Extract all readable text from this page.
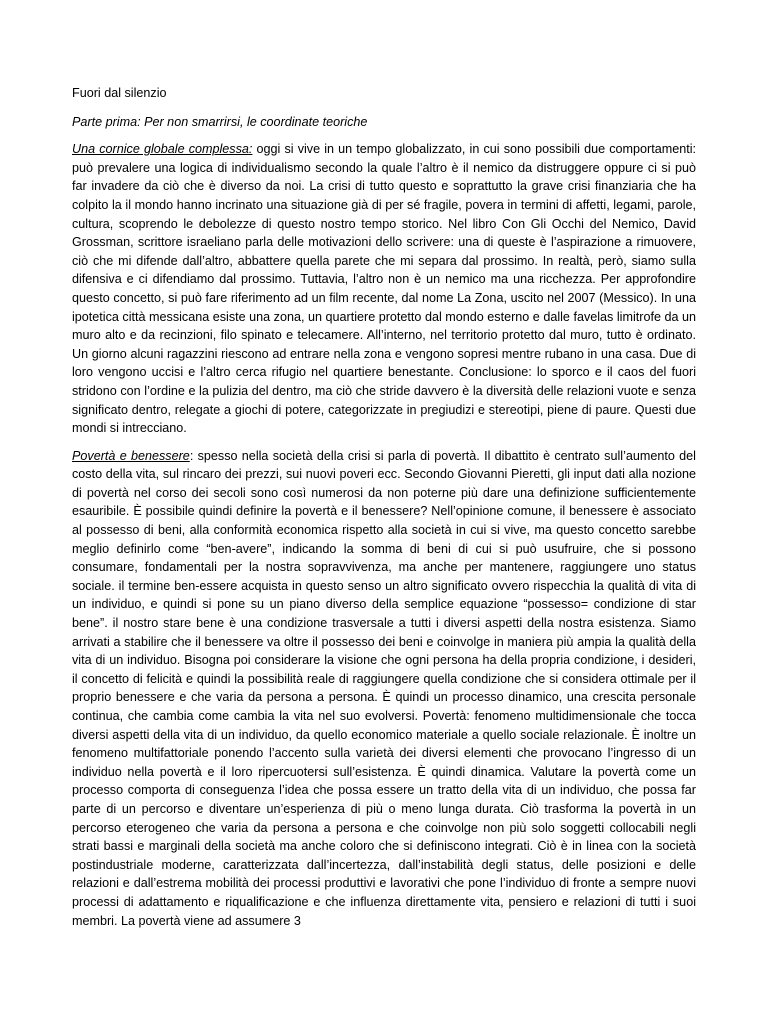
Fuori dal silenzio

Parte prima: Per non smarrirsi, le coordinate teoriche

Una cornice globale complessa: oggi si vive in un tempo globalizzato, in cui sono possibili due comportamenti: può prevalere una logica di individualismo secondo la quale l’altro è il nemico da distruggere oppure ci si può far invadere da ciò che è diverso da noi. La crisi di tutto questo e soprattutto la grave crisi finanziaria che ha colpito la il mondo hanno incrinato una situazione già di per sé fragile, povera in termini di affetti, legami, parole, cultura, scoprendo le debolezze di questo nostro tempo storico. Nel libro Con Gli Occhi del Nemico, David Grossman, scrittore israeliano parla delle motivazioni dello scrivere: una di queste è l’aspirazione a rimuovere, ciò che mi difende dall’altro, abbattere quella parete che mi separa dal prossimo. In realtà, però, siamo sulla difensiva e ci difendiamo dal prossimo. Tuttavia, l’altro non è un nemico ma una ricchezza. Per approfondire questo concetto, si può fare riferimento ad un film recente, dal nome La Zona, uscito nel 2007 (Messico). In una ipotetica città messicana esiste una zona, un quartiere protetto dal mondo esterno e dalle favelas limitrofe da un muro alto e da recinzioni, filo spinato e telecamere. All’interno, nel territorio protetto dal muro, tutto è ordinato. Un giorno alcuni ragazzini riescono ad entrare nella zona e vengono sopresi mentre rubano in una casa. Due di loro vengono uccisi e l’altro cerca rifugio nel quartiere benestante. Conclusione: lo sporco e il caos del fuori stridono con l’ordine e la pulizia del dentro, ma ciò che stride davvero è la diversità delle relazioni vuote e senza significato dentro, relegate a giochi di potere, categorizzate in pregiudizi e stereotipi, piene di paure. Questi due mondi si intrecciano.

Povertà e benessere: spesso nella società della crisi si parla di povertà. Il dibattito è centrato sull’aumento del costo della vita, sul rincaro dei prezzi, sui nuovi poveri ecc. Secondo Giovanni Pieretti, gli input dati alla nozione di povertà nel corso dei secoli sono così numerosi da non poterne più dare una definizione sufficientemente esauribile. È possibile quindi definire la povertà e il benessere? Nell’opinione comune, il benessere è associato al possesso di beni, alla conformità economica rispetto alla società in cui si vive, ma questo concetto sarebbe meglio definirlo come “ben-avere”, indicando la somma di beni di cui si può usufruire, che si possono consumare, fondamentali per la nostra sopravvivenza, ma anche per mantenere, raggiungere uno status sociale. il termine ben-essere acquista in questo senso un altro significato ovvero rispecchia la qualità di vita di un individuo, e quindi si pone su un piano diverso della semplice equazione “possesso= condizione di star bene”. il nostro stare bene è una condizione trasversale a tutti i diversi aspetti della nostra esistenza. Siamo arrivati a stabilire che il benessere va oltre il possesso dei beni e coinvolge in maniera più ampia la qualità della vita di un individuo. Bisogna poi considerare la visione che ogni persona ha della propria condizione, i desideri, il concetto di felicità e quindi la possibilità reale di raggiungere quella condizione che si considera ottimale per il proprio benessere e che varia da persona a persona. È quindi un processo dinamico, una crescita personale continua, che cambia come cambia la vita nel suo evolversi. Povertà: fenomeno multidimensionale che tocca diversi aspetti della vita di un individuo, da quello economico materiale a quello sociale relazionale. È inoltre un fenomeno multifattoriale ponendo l’accento sulla varietà dei diversi elementi che provocano l’ingresso di un individuo nella povertà e il loro ripercuotersi sull’esistenza. È quindi dinamica. Valutare la povertà come un processo comporta di conseguenza l’idea che possa essere un tratto della vita di un individuo, che possa far parte di un percorso e diventare un’esperienza di più o meno lunga durata. Ciò trasforma la povertà in un percorso eterogeneo che varia da persona a persona e che coinvolge non più solo soggetti collocabili negli strati bassi e marginali della società ma anche coloro che si definiscono integrati. Ciò è in linea con la società postindustriale moderne, caratterizzata dall’incertezza, dall’instabilità degli status, delle posizioni e delle relazioni e dall’estrema mobilità dei processi produttivi e lavorativi che pone l’individuo di fronte a sempre nuovi processi di adattamento e riqualificazione e che influenza direttamente vita, pensiero e relazioni di tutti i suoi membri. La povertà viene ad assumere 3
